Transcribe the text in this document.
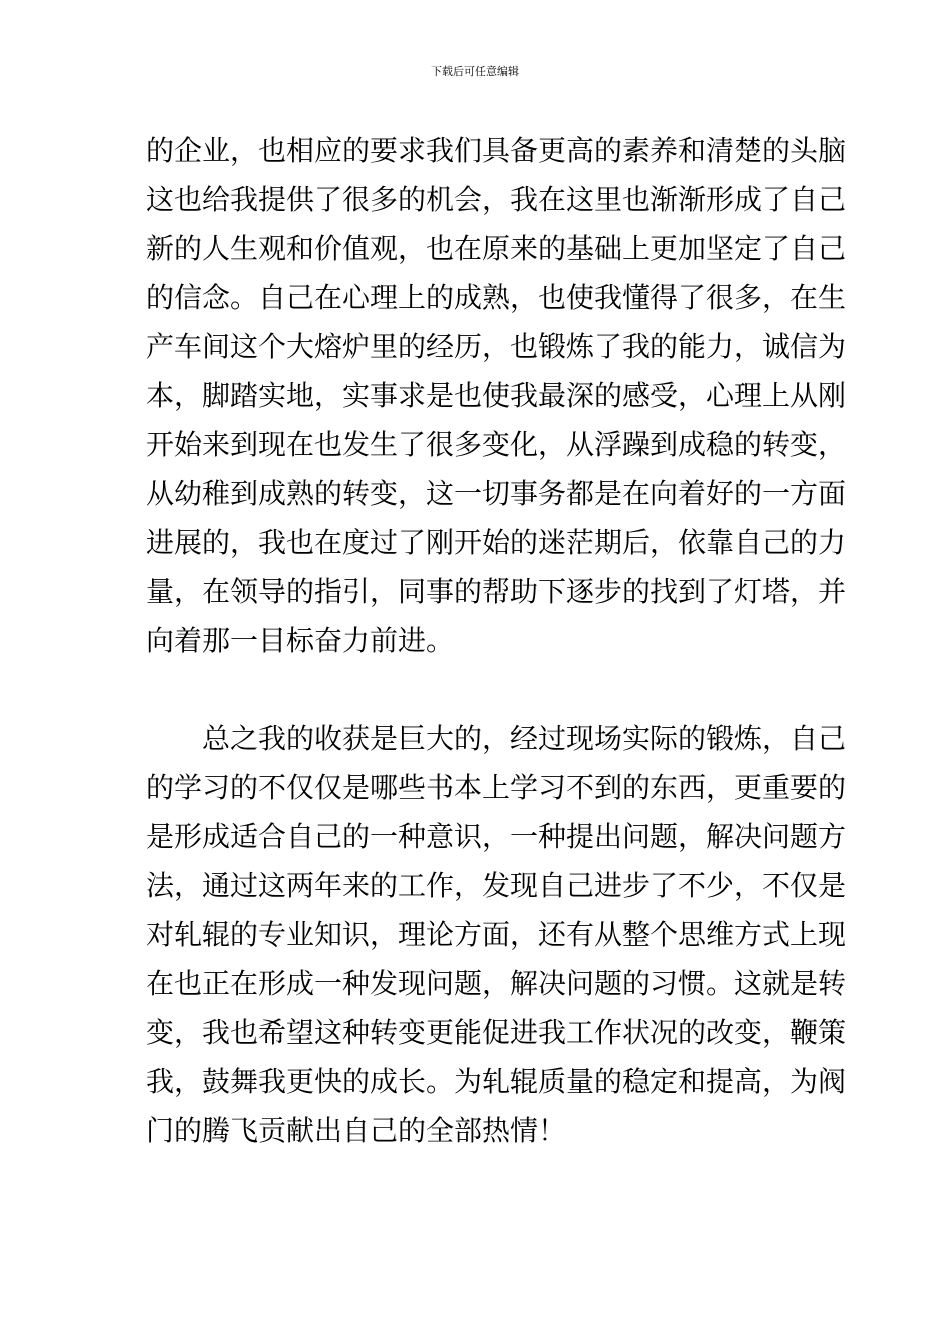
下载后可任意编辑
的企业，也相应的要求我们具备更高的素养和清楚的头脑
这也给我提供了很多的机会，我在这里也渐渐形成了自己
新的人生观和价值观，也在原来的基础上更加坚定了自己
的信念。自己在心理上的成熟，也使我懂得了很多，在生
产车间这个大熔炉里的经历，也锻炼了我的能力，诚信为
本，脚踏实地，实事求是也使我最深的感受，心理上从刚
开始来到现在也发生了很多变化，从浮躁到成稳的转变，
从幼稚到成熟的转变，这一切事务都是在向着好的一方面
进展的，我也在度过了刚开始的迷茫期后，依靠自己的力
量，在领导的指引，同事的帮助下逐步的找到了灯塔，并
向着那一目标奋力前进。
　　总之我的收获是巨大的，经过现场实际的锻炼，自己
的学习的不仅仅是哪些书本上学习不到的东西，更重要的
是形成适合自己的一种意识，一种提出问题，解决问题方
法，通过这两年来的工作，发现自己进步了不少，不仅是
对轧辊的专业知识，理论方面，还有从整个思维方式上现
在也正在形成一种发现问题，解决问题的习惯。这就是转
变，我也希望这种转变更能促进我工作状况的改变，鞭策
我，鼓舞我更快的成长。为轧辊质量的稳定和提高，为阀
门的腾飞贡献出自己的全部热情！
